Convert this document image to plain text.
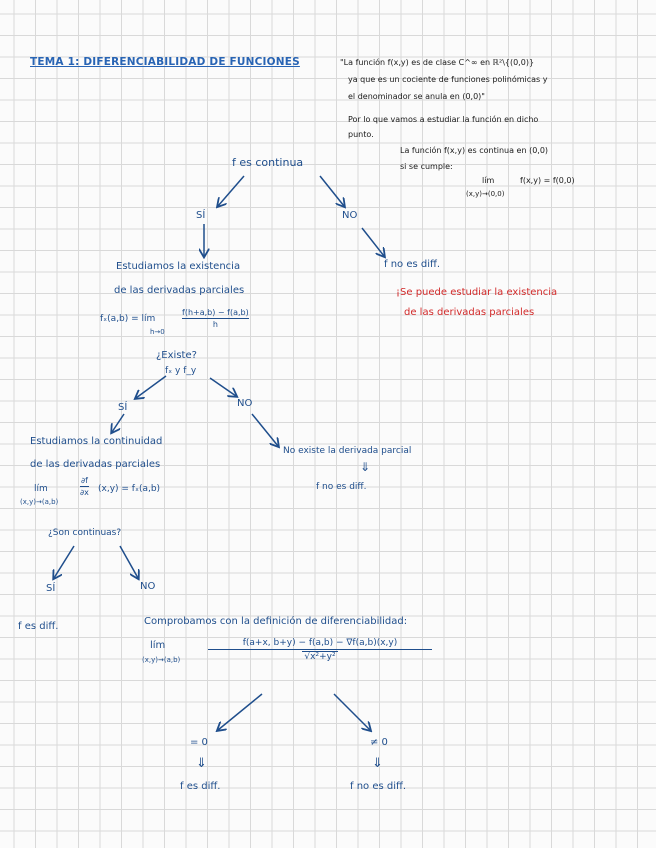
TEMA 1: DIFERENCIABILIDAD DE FUNCIONES	"La función f(x,y) es de clase C^∞ en ℝ²\{(0,0)}
ya que es un cociente de funciones polinómicas y
el denominador se anula en (0,0)"
Por lo que vamos a estudiar la función en dicho
punto.
La función f(x,y) es continua en (0,0)
si se cumple:
lím	f(x,y) = f(0,0)
(x,y)→(0,0)
f es continua
SÍ	NO
f no es diff.
¡Se puede estudiar la existencia
de las derivadas parciales
Estudiamos la existencia
de las derivadas parciales
fₓ(a,b) = lím
h→0
f(h+a,b) − f(a,b)
h
¿Existe?
fₓ y f_y
SÍ	NO
No existe la derivada parcial
⇓
f no es diff.
Estudiamos la continuidad
de las derivadas parciales
lím
(x,y)→(a,b)
∂f
∂x (x,y) = fₓ(a,b)
¿Son continuas?
SÍ	NO
f es diff.	Comprobamos con la definición de diferenciabilidad:
lím
(x,y)→(a,b)
f(a+x, b+y) − f(a,b) − ∇f(a,b)(x,y)
√x²+y²
= 0	≠ 0
⇓	⇓
f es diff.	f no es diff.
